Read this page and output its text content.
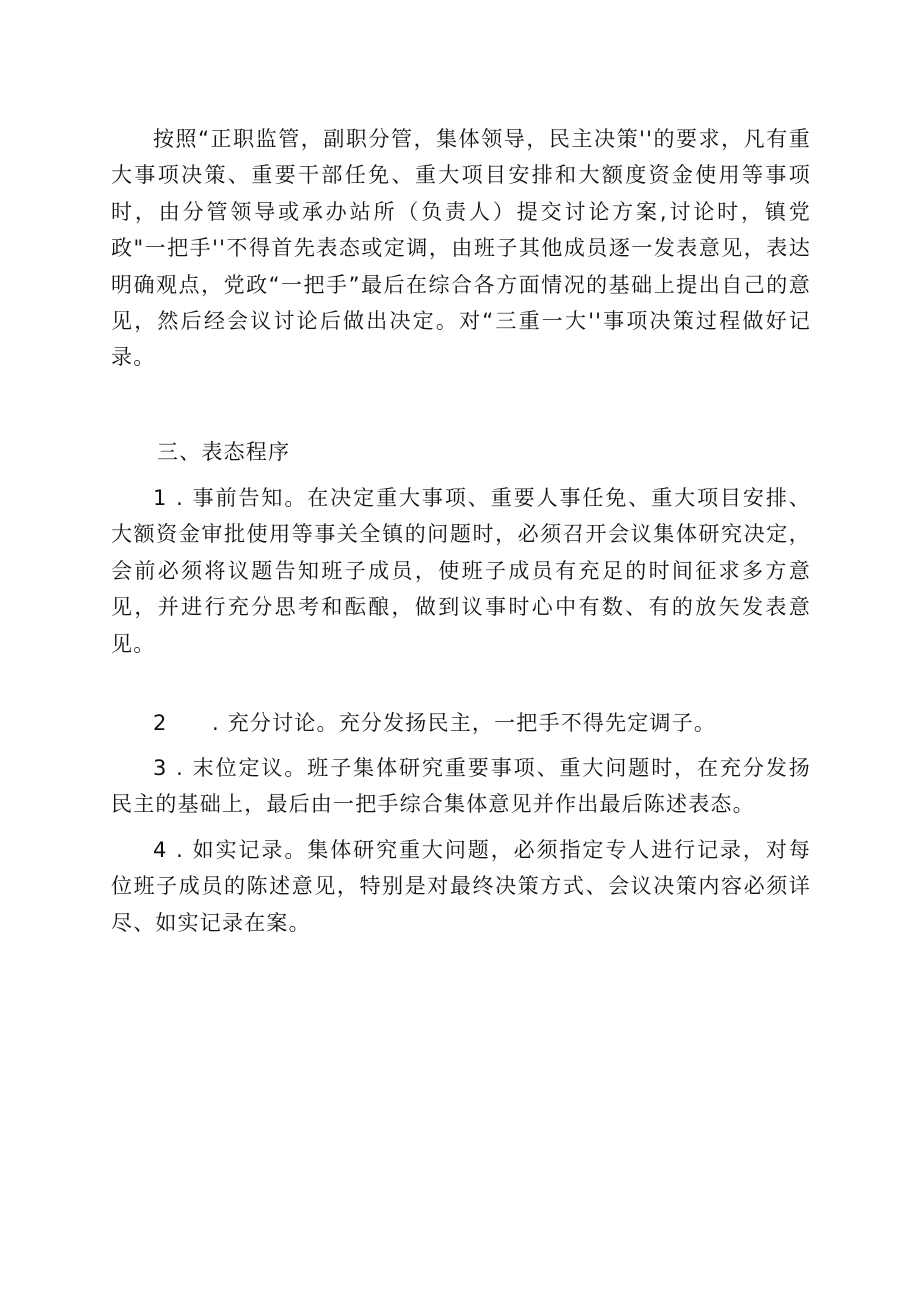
按照“正职监管，副职分管，集体领导，民主决策''的要求，凡有重大事项决策、重要干部任免、重大项目安排和大额度资金使用等事项时，由分管领导或承办站所（负责人）提交讨论方案,讨论时，镇党政"一把手''不得首先表态或定调，由班子其他成员逐一发表意见，表达明确观点，党政“一把手”最后在综合各方面情况的基础上提出自己的意见，然后经会议讨论后做出决定。对“三重一大''事项决策过程做好记录。

三、表态程序

1 . 事前告知。在决定重大事项、重要人事任免、重大项目安排、大额资金审批使用等事关全镇的问题时，必须召开会议集体研究决定，会前必须将议题告知班子成员，使班子成员有充足的时间征求多方意见，并进行充分思考和酝酿，做到议事时心中有数、有的放矢发表意见。

2　　. 充分讨论。充分发扬民主，一把手不得先定调子。

3 . 末位定议。班子集体研究重要事项、重大问题时，在充分发扬民主的基础上，最后由一把手综合集体意见并作出最后陈述表态。

4 . 如实记录。集体研究重大问题，必须指定专人进行记录，对每位班子成员的陈述意见，特别是对最终决策方式、会议决策内容必须详尽、如实记录在案。
